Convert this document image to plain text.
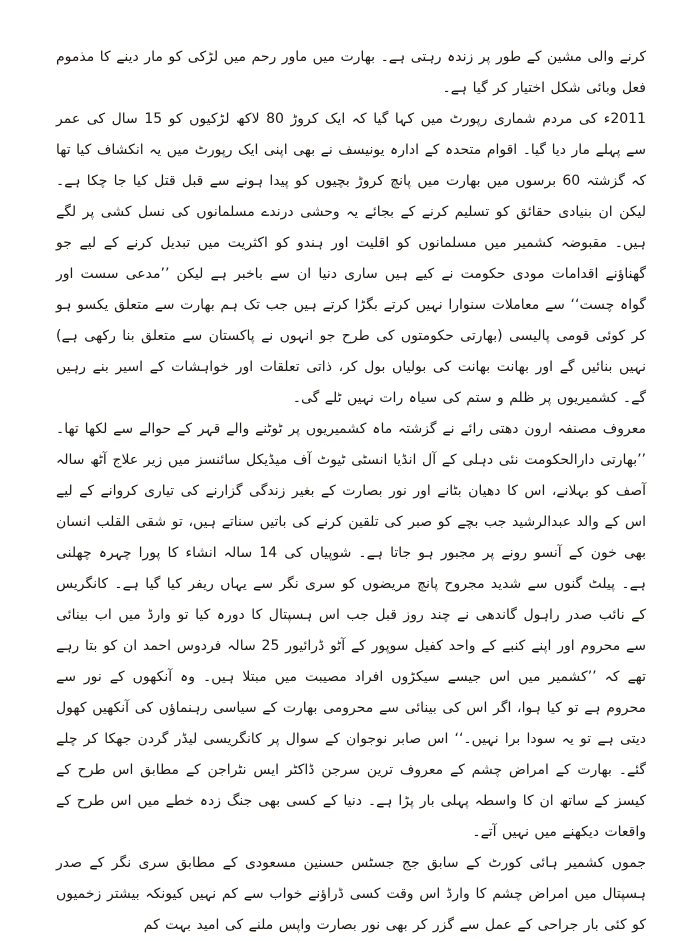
کرنے والی مشین کے طور پر زندہ رہتی ہے۔ بھارت میں ماور رحم میں لڑکی کو مار دینے کا مذموم فعل وبائی شکل اختیار کر گیا ہے۔

2011ء کی مردم شماری رپورٹ میں کہا گیا کہ ایک کروڑ 80 لاکھ لڑکیوں کو 15 سال کی عمر سے پہلے مار دیا گیا۔ اقوام متحدہ کے ادارہ یونیسف نے بھی اپنی ایک رپورٹ میں یہ انکشاف کیا تھا کہ گزشتہ 60 برسوں میں بھارت میں پانچ کروڑ بچیوں کو پیدا ہونے سے قبل قتل کیا جا چکا ہے۔ لیکن ان بنیادی حقائق کو تسلیم کرنے کے بجائے یہ وحشی درندے مسلمانوں کی نسل کشی پر لگے ہیں۔ مقبوضہ کشمیر میں مسلمانوں کو اقلیت اور ہندو کو اکثریت میں تبدیل کرنے کے لیے جو گھناؤنے اقدامات مودی حکومت نے کیے ہیں ساری دنیا ان سے باخبر ہے لیکن ’’مدعی سست اور گواہ چست‘‘ سے معاملات سنوارا نہیں کرتے بگڑا کرتے ہیں جب تک ہم بھارت سے متعلق یکسو ہو کر کوئی قومی پالیسی (بھارتی حکومتوں کی طرح جو انہوں نے پاکستان سے متعلق بنا رکھی ہے) نہیں بنائیں گے اور بھانت بھانت کی بولیاں بول کر، ذاتی تعلقات اور خواہشات کے اسیر بنے رہیں گے۔ کشمیریوں پر ظلم و ستم کی سیاہ رات نہیں ٹلے گی۔

معروف مصنفہ ارون دھتی رائے نے گزشتہ ماہ کشمیریوں پر ٹوٹنے والے قہر کے حوالے سے لکھا تھا۔ ’’بھارتی دارالحکومت نئی دہلی کے آل انڈیا انسٹی ٹیوٹ آف میڈیکل سائنسز میں زیر علاج آٹھ سالہ آصف کو بہلانے، اس کا دھیان بٹانے اور نور بصارت کے بغیر زندگی گزارنے کی تیاری کروانے کے لیے اس کے والد عبدالرشید جب بچے کو صبر کی تلقین کرنے کی باتیں سناتے ہیں، تو شقی القلب انسان بھی خون کے آنسو رونے پر مجبور ہو جاتا ہے۔ شوپیاں کی 14 سالہ انشاء کا پورا چہرہ چھلنی ہے۔ پیلٹ گنوں سے شدید مجروح پانچ مریضوں کو سری نگر سے یہاں ریفر کیا گیا ہے۔ کانگریس کے نائب صدر راہول گاندھی نے چند روز قبل جب اس ہسپتال کا دورہ کیا تو وارڈ میں اب بینائی سے محروم اور اپنے کنبے کے واحد کفیل سوپور کے آٹو ڈرائیور 25 سالہ فردوس احمد ان کو بتا رہے تھے کہ ’’کشمیر میں اس جیسے سیکڑوں افراد مصیبت میں مبتلا ہیں۔ وہ آنکھوں کے نور سے محروم ہے تو کیا ہوا، اگر اس کی بینائی سے محرومی بھارت کے سیاسی رہنماؤں کی آنکھیں کھول دیتی ہے تو یہ سودا برا نہیں۔‘‘ اس صابر نوجوان کے سوال پر کانگریسی لیڈر گردن جھکا کر چلے گئے۔ بھارت کے امراض چشم کے معروف ترین سرجن ڈاکٹر ایس نٹراجن کے مطابق اس طرح کے کیسز کے ساتھ ان کا واسطہ پہلی بار پڑا ہے۔ دنیا کے کسی بھی جنگ زدہ خطے میں اس طرح کے واقعات دیکھنے میں نہیں آتے۔

جموں کشمیر ہائی کورٹ کے سابق جج جسٹس حسنین مسعودی کے مطابق سری نگر کے صدر ہسپتال میں امراض چشم کا وارڈ اس وقت کسی ڈراؤنے خواب سے کم نہیں کیونکہ بیشتر زخمیوں کو کئی بار جراحی کے عمل سے گزر کر بھی نور بصارت واپس ملنے کی امید بہت کم
